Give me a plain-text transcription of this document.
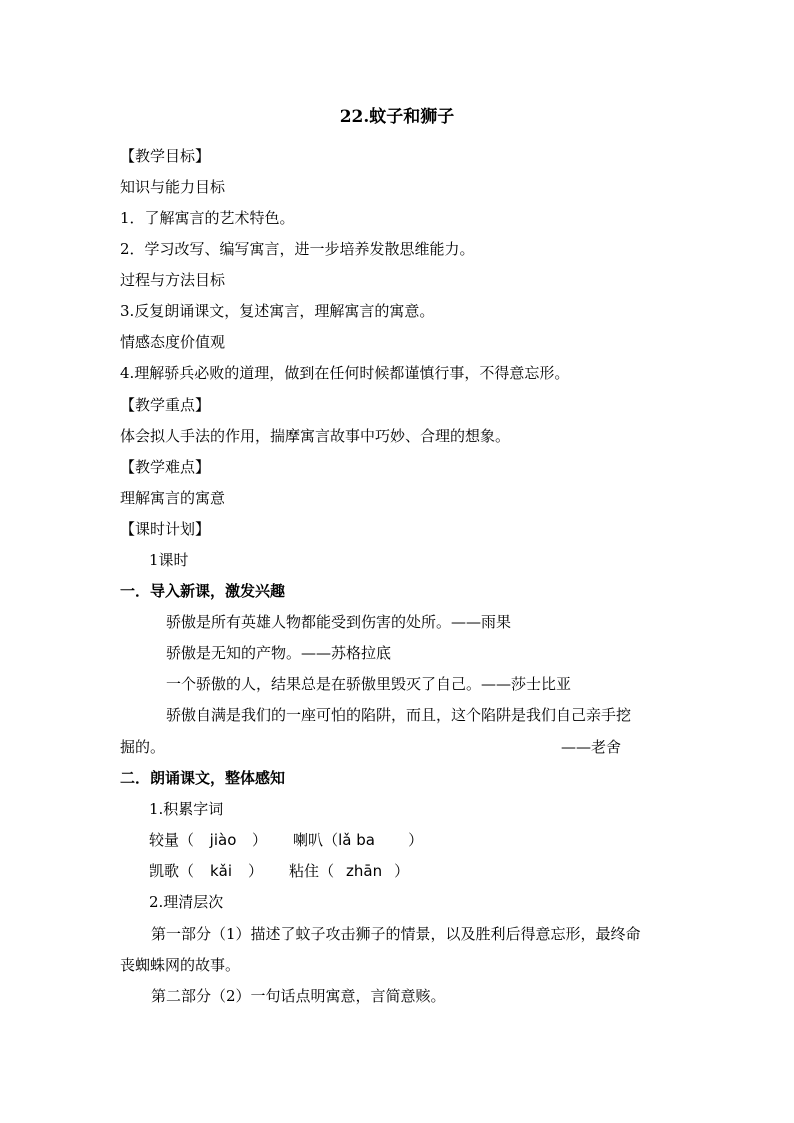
22.蚊子和狮子
【教学目标】
知识与能力目标
1．了解寓言的艺术特色。
2．学习改写、编写寓言，进一步培养发散思维能力。
过程与方法目标
3.反复朗诵课文，复述寓言，理解寓言的寓意。
情感态度价值观
4.理解骄兵必败的道理，做到在任何时候都谨慎行事，不得意忘形。
【教学重点】
体会拟人手法的作用，揣摩寓言故事中巧妙、合理的想象。
【教学难点】
理解寓言的寓意
【课时计划】
1课时
一．导入新课，激发兴趣
骄傲是所有英雄人物都能受到伤害的处所。——雨果
骄傲是无知的产物。——苏格拉底
一个骄傲的人，结果总是在骄傲里毁灭了自己。——莎士比亚
骄傲自满是我们的一座可怕的陷阱，而且，这个陷阱是我们自己亲手挖
掘的。	——老舍
二．朗诵课文，整体感知
1.积累字词
较量（ jiào ） 喇叭（lǎ ba ）
凯歌（ kǎi ） 粘住（ zhān ）
2.理清层次
第一部分（1）描述了蚊子攻击狮子的情景，以及胜利后得意忘形，最终命
丧蜘蛛网的故事。
第二部分（2）一句话点明寓意，言简意赅。
